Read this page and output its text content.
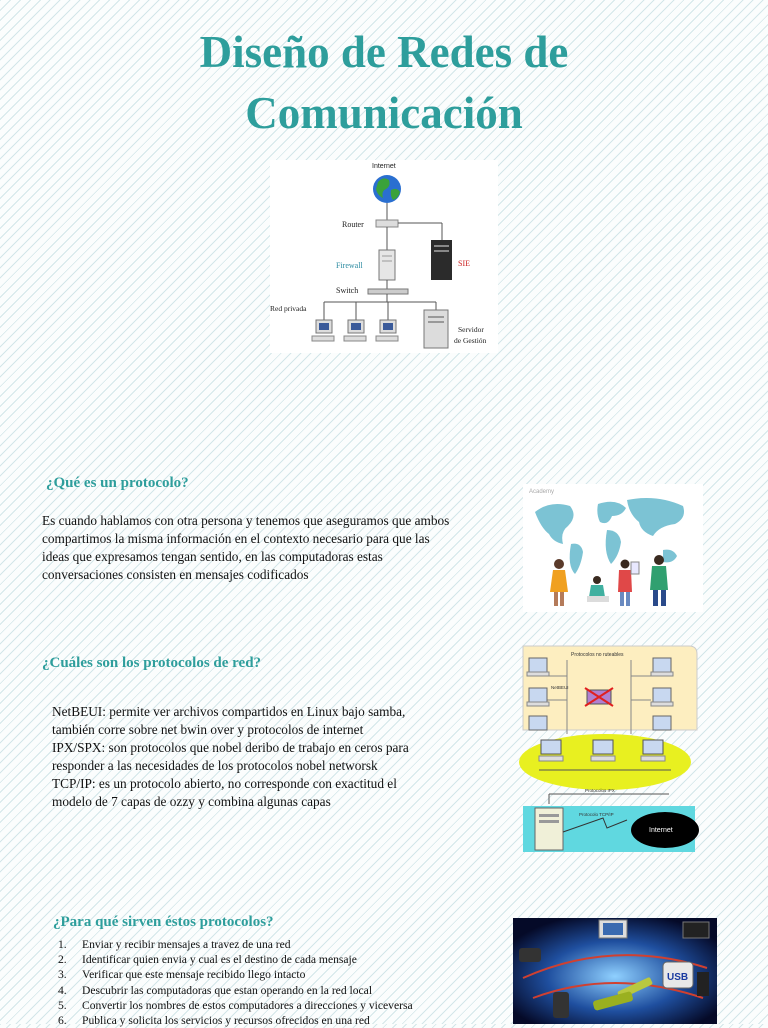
Diseño de Redes de
Comunicación
Internet
Router
SIE
Firewall
Switch
Red privada
Servidor
de Gestión
¿Qué es un protocolo?

Es cuando hablamos con otra persona y tenemos que aseguramos que ambos
compartimos la misma información en el contexto necesario para que las
ideas que expresamos tengan sentido, en las computadoras estas
conversaciones consisten en mensajes codificados

Academy
¿Cuáles son los protocolos de red?

NetBEUI: permite ver archivos compartidos en Linux bajo samba,
también corre sobre net bwin over y protocolos de internet
IPX/SPX: son protocolos que nobel deribo de trabajo en ceros para
responder a las necesidades de los protocolos nobel networsk
TCP/IP: es un protocolo abierto, no corresponde con exactitud el
modelo de 7 capas de ozzy y combina algunas capas

Protocolos no ruteables
NetBEUI
Protocolos IPX
Protocolo TCP/IP
Internet
¿Para qué sirven éstos protocolos?
1.	Enviar y recibir mensajes a travez de una red
2.	Identificar quien envia y cual es el destino de cada mensaje
3.	Verificar que este mensaje recibido llego intacto
4.	Descubrir las computadoras que estan operando en la red local
5.	Convertir los nombres de estos computadores a direcciones y viceversa
6.	Publica y solicita los servicios y recursos ofrecidos en una red
USB
